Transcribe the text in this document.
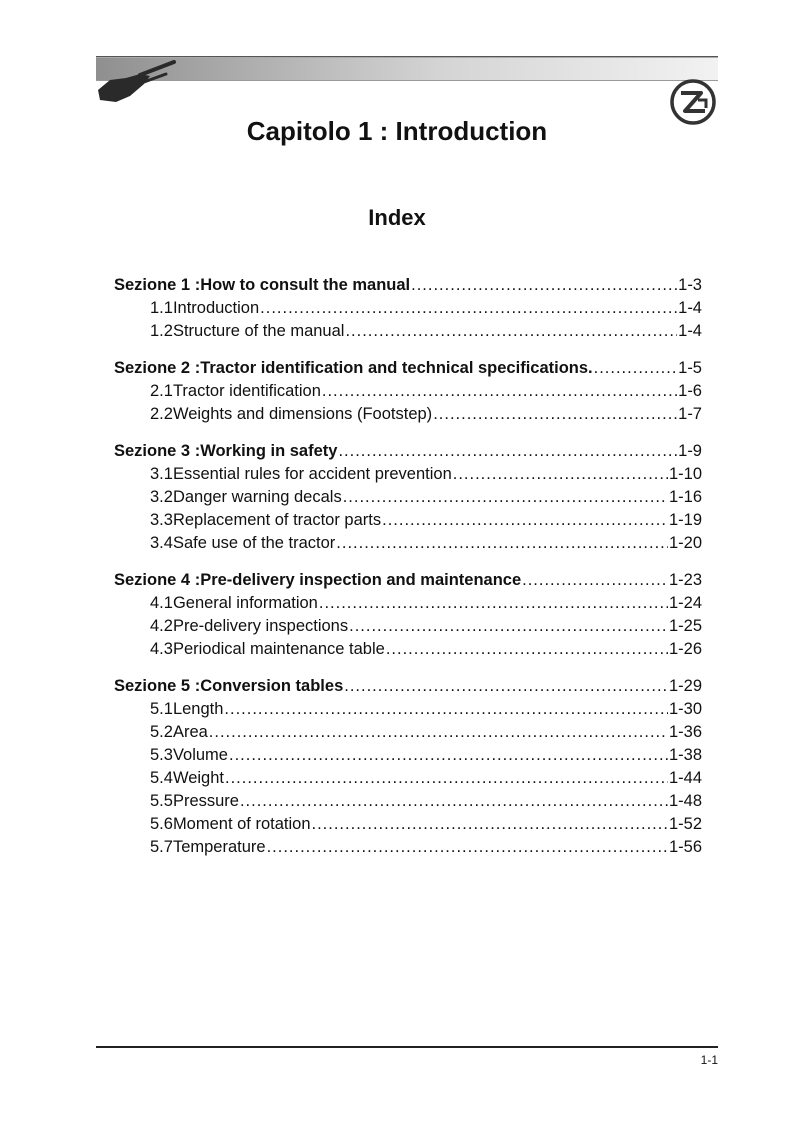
Capitolo 1 : Introduction
Index
Sezione 1 : How to consult the manual .....	1-3
1.1 Introduction .....	1-4
1.2 Structure of the manual .....	1-4
Sezione 2 : Tractor identification and technical specifications. .....	1-5
2.1 Tractor identification .....	1-6
2.2 Weights and dimensions (Footstep) .....	1-7
Sezione 3 : Working in safety .....	1-9
3.1 Essential rules for accident prevention .....	1-10
3.2 Danger warning decals .....	1-16
3.3 Replacement of tractor parts .....	1-19
3.4 Safe use of the tractor .....	1-20
Sezione 4 : Pre-delivery inspection and maintenance .....	1-23
4.1 General information .....	1-24
4.2 Pre-delivery inspections .....	1-25
4.3 Periodical maintenance table .....	1-26
Sezione 5 : Conversion tables .....	1-29
5.1 Length .....	1-30
5.2 Area .....	1-36
5.3 Volume .....	1-38
5.4 Weight .....	1-44
5.5 Pressure .....	1-48
5.6 Moment of rotation .....	1-52
5.7 Temperature .....	1-56
1-1
